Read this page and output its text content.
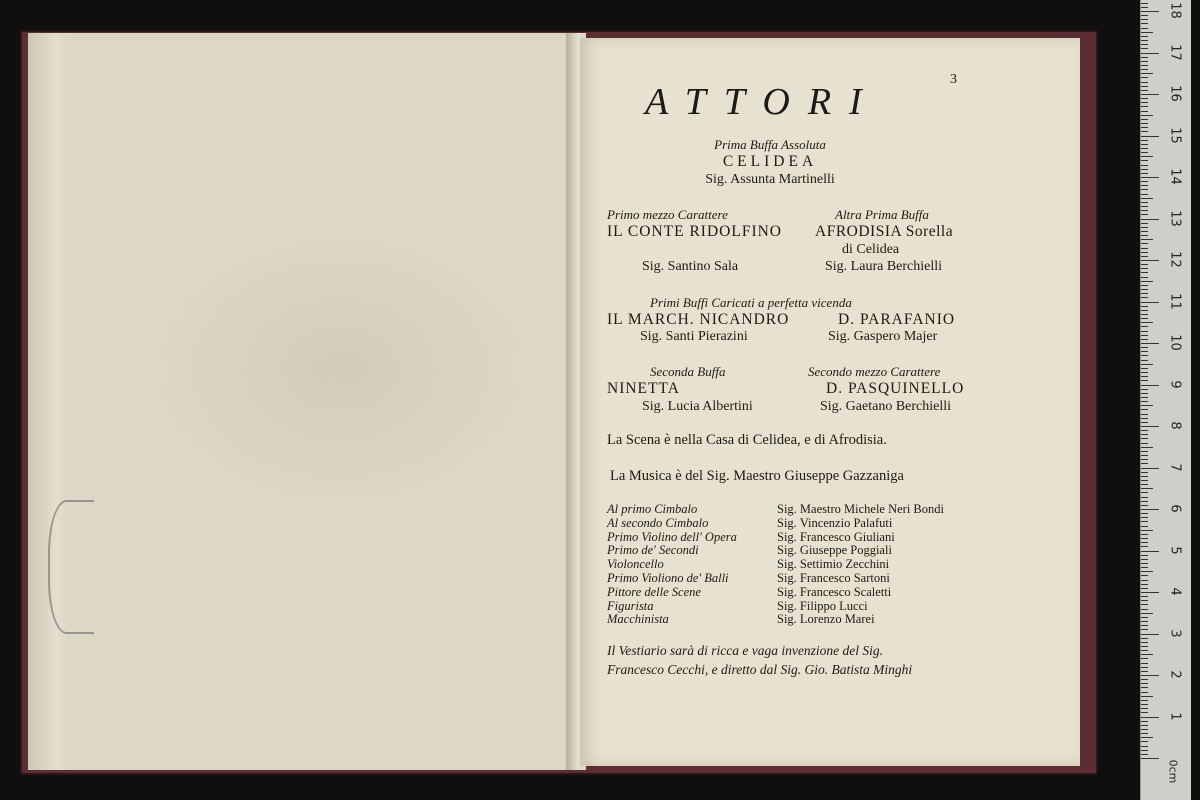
0cm
18
17
16
15
14
13
12
11
10
9
8
7
6
5
4
3
2
1
ATTORI
3
Prima Buffa Assoluta
CELIDEA
Sig. Assunta Martinelli
Primo mezzo Carattere
IL CONTE RIDOLFINO
Sig. Santino Sala
Altra Prima Buffa
AFRODISIA Sorella
di Celidea
Sig. Laura Berchielli
Primi Buffi Caricati a perfetta vicenda
IL MARCH. NICANDRO
Sig. Santi Pierazini
D. PARAFANIO
Sig. Gaspero Majer
Seconda Buffa
NINETTA
Sig. Lucia Albertini
Secondo mezzo Carattere
D. PASQUINELLO
Sig. Gaetano Berchielli
La Scena è nella Casa di Celidea, e di Afrodisia.
La Musica è del Sig. Maestro Giuseppe Gazzaniga
Al primo Cimbalo	Sig. Maestro Michele Neri Bondi
Al secondo Cimbalo	Sig. Vincenzio Palafuti
Primo Violino dell' Opera	Sig. Francesco Giuliani
Primo de' Secondi	Sig. Giuseppe Poggiali
Violoncello	Sig. Settimio Zecchini
Primo Violiono de' Balli	Sig. Francesco Sartoni
Pittore delle Scene	Sig. Francesco Scaletti
Figurista	Sig. Filippo Lucci
Macchinista	Sig. Lorenzo Marei
Il Vestiario sarà di ricca e vaga invenzione del Sig.
Francesco Cecchi, e diretto dal Sig. Gio. Batista Minghi
